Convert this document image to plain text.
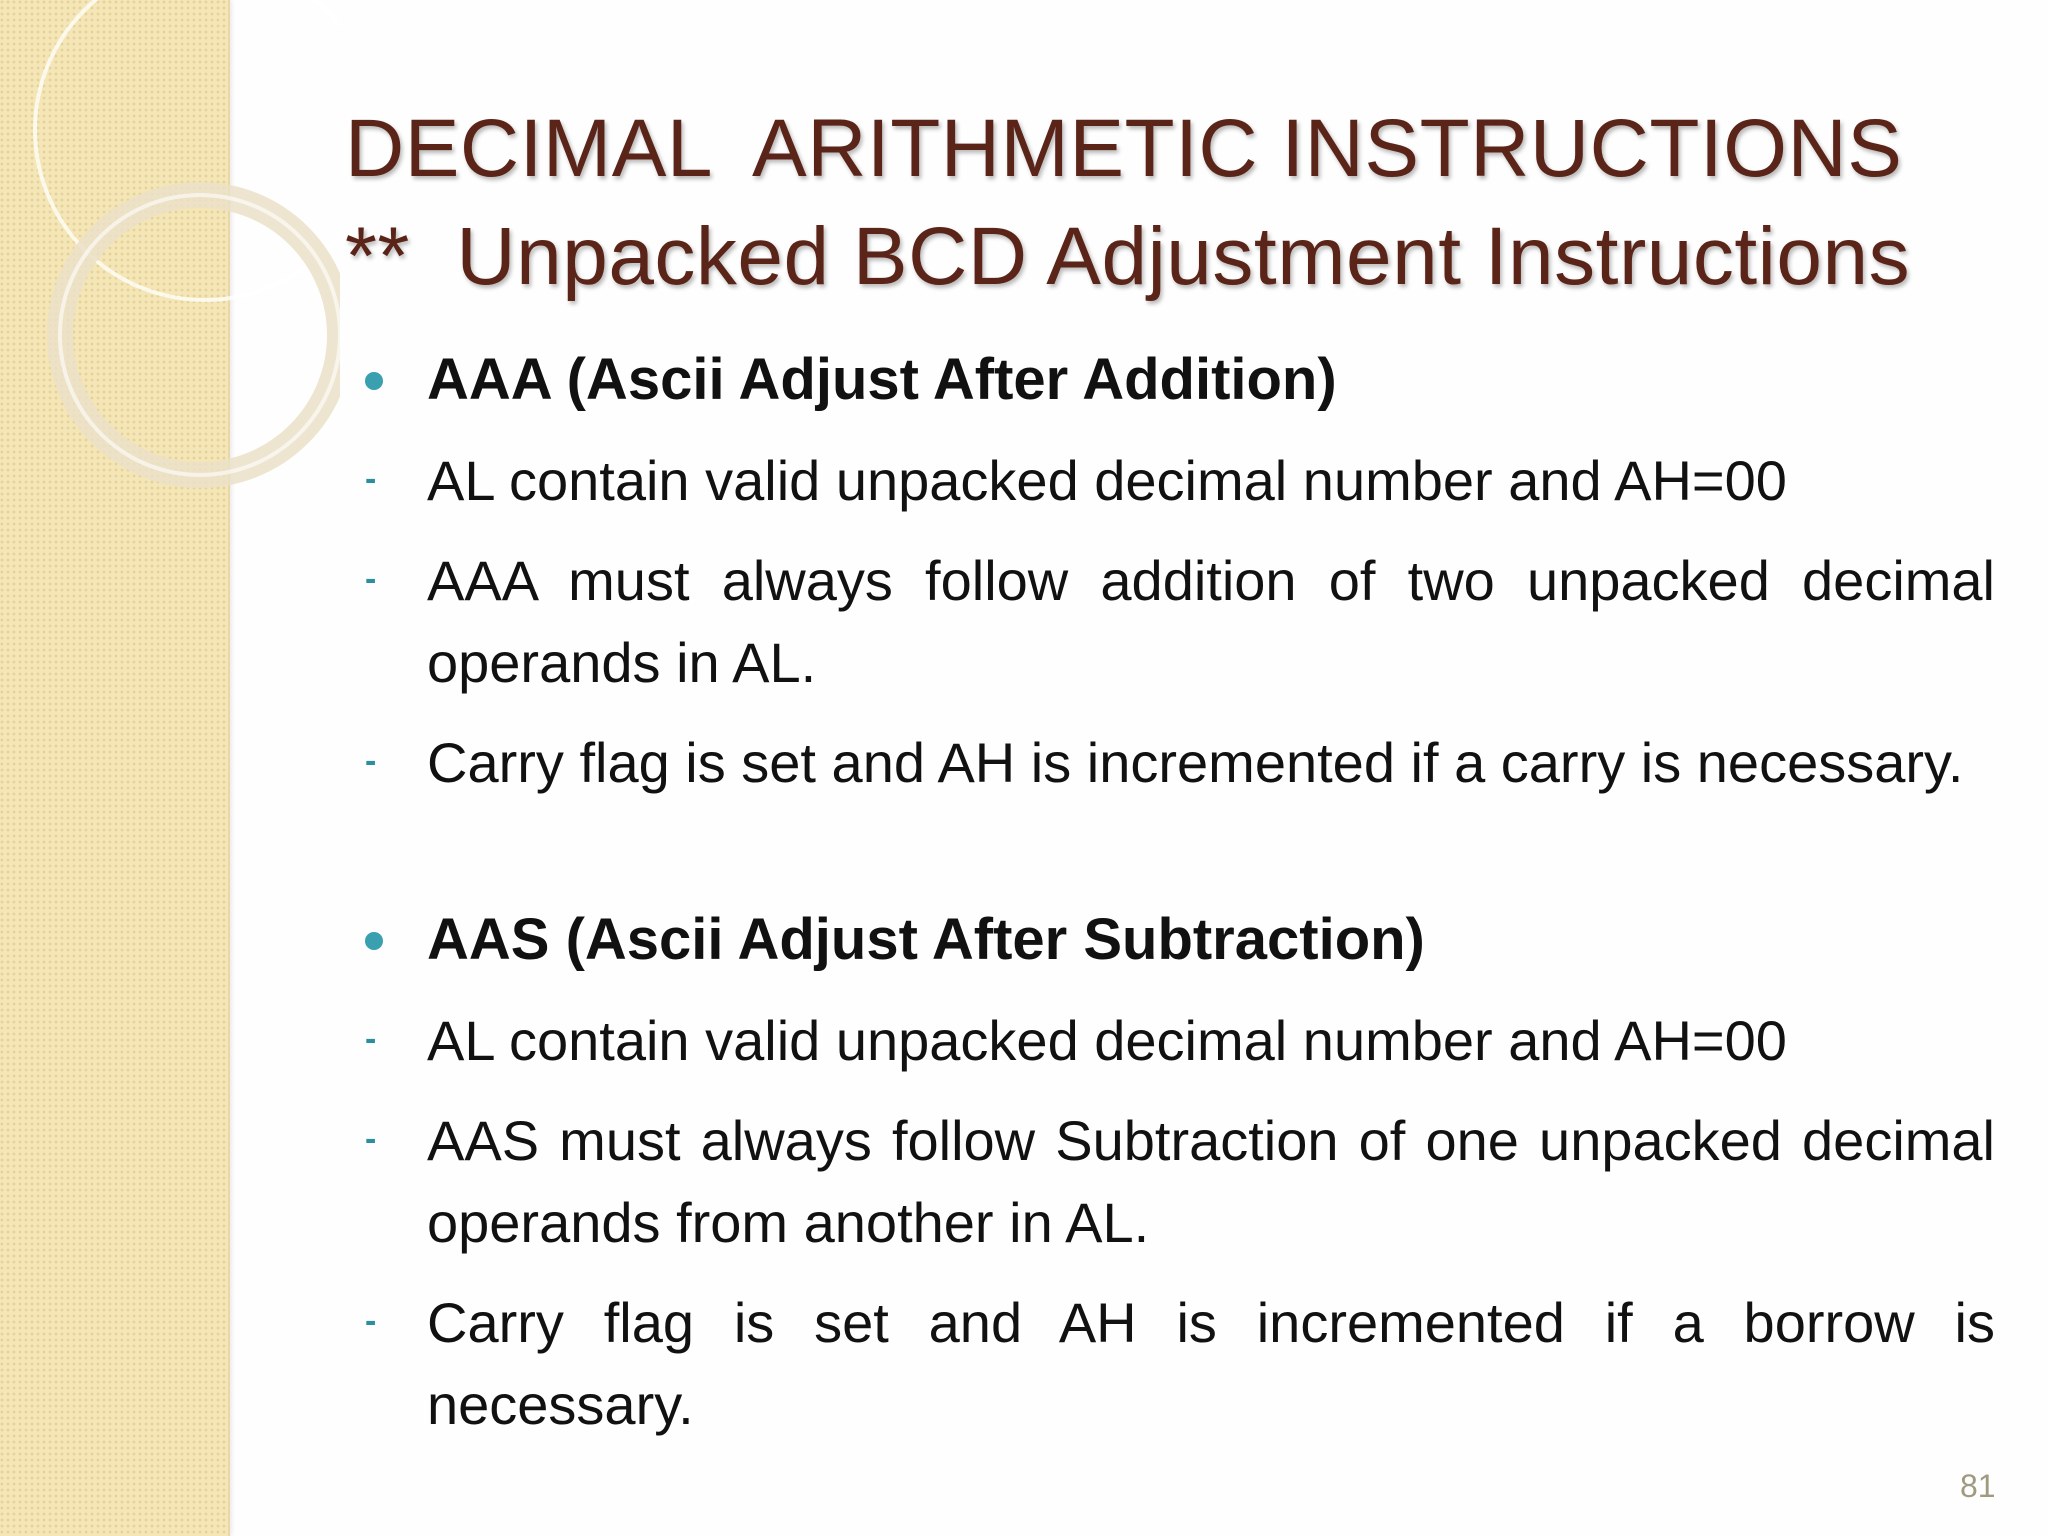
DECIMAL  ARITHMETIC INSTRUCTIONS
**  Unpacked BCD Adjustment Instructions
AAA (Ascii Adjust After Addition)
- AL contain valid unpacked decimal number and AH=00
- AAA must always follow addition of two unpacked decimal operands in AL.
- Carry flag is set and AH is incremented if a carry is necessary.
AAS (Ascii Adjust After Subtraction)
- AL contain valid unpacked decimal number and AH=00
- AAS must always follow Subtraction of one unpacked decimal operands from another in AL.
- Carry flag is set and AH is incremented if a borrow is necessary.
81
